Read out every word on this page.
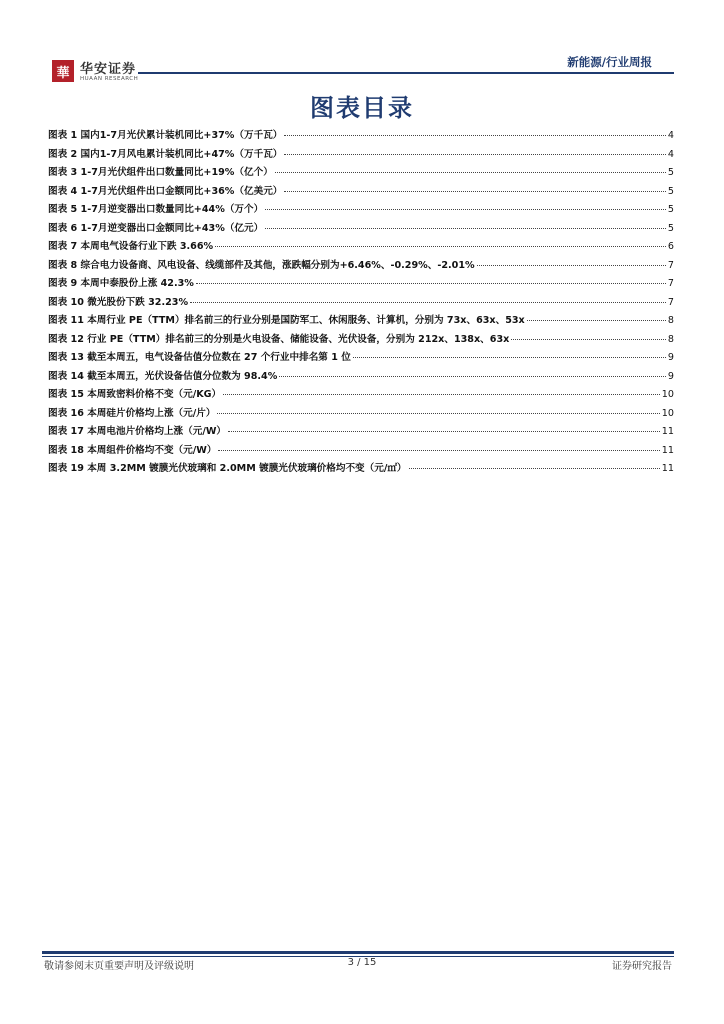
華 华安证券
HUAAN RESEARCH
新能源/行业周报
图表目录
图表 1 国内1-7月光伏累计装机同比+37%（万千瓦）	4
图表 2 国内1-7月风电累计装机同比+47%（万千瓦）	4
图表 3 1-7月光伏组件出口数量同比+19%（亿个）	5
图表 4 1-7月光伏组件出口金额同比+36%（亿美元）	5
图表 5 1-7月逆变器出口数量同比+44%（万个）	5
图表 6 1-7月逆变器出口金额同比+43%（亿元）	5
图表 7 本周电气设备行业下跌 3.66%	6
图表 8 综合电力设备商、风电设备、线缆部件及其他，涨跌幅分别为+6.46%、-0.29%、-2.01%	7
图表 9 本周中泰股份上涨 42.3%	7
图表 10 微光股份下跌 32.23%	7
图表 11 本周行业 PE（TTM）排名前三的行业分别是国防军工、休闲服务、计算机，分别为 73x、63x、53x	8
图表 12 行业 PE（TTM）排名前三的分别是火电设备、储能设备、光伏设备，分别为 212x、138x、63x	8
图表 13 截至本周五，电气设备估值分位数在 27 个行业中排名第 1 位	9
图表 14 截至本周五，光伏设备估值分位数为 98.4%	9
图表 15 本周致密料价格不变（元/KG）	10
图表 16 本周硅片价格均上涨（元/片）	10
图表 17 本周电池片价格均上涨（元/W）	11
图表 18 本周组件价格均不变（元/W）	11
图表 19 本周 3.2MM 镀膜光伏玻璃和 2.0MM 镀膜光伏玻璃价格均不变（元/㎡）	11
敬请参阅末页重要声明及评级说明	3 / 15	证券研究报告
